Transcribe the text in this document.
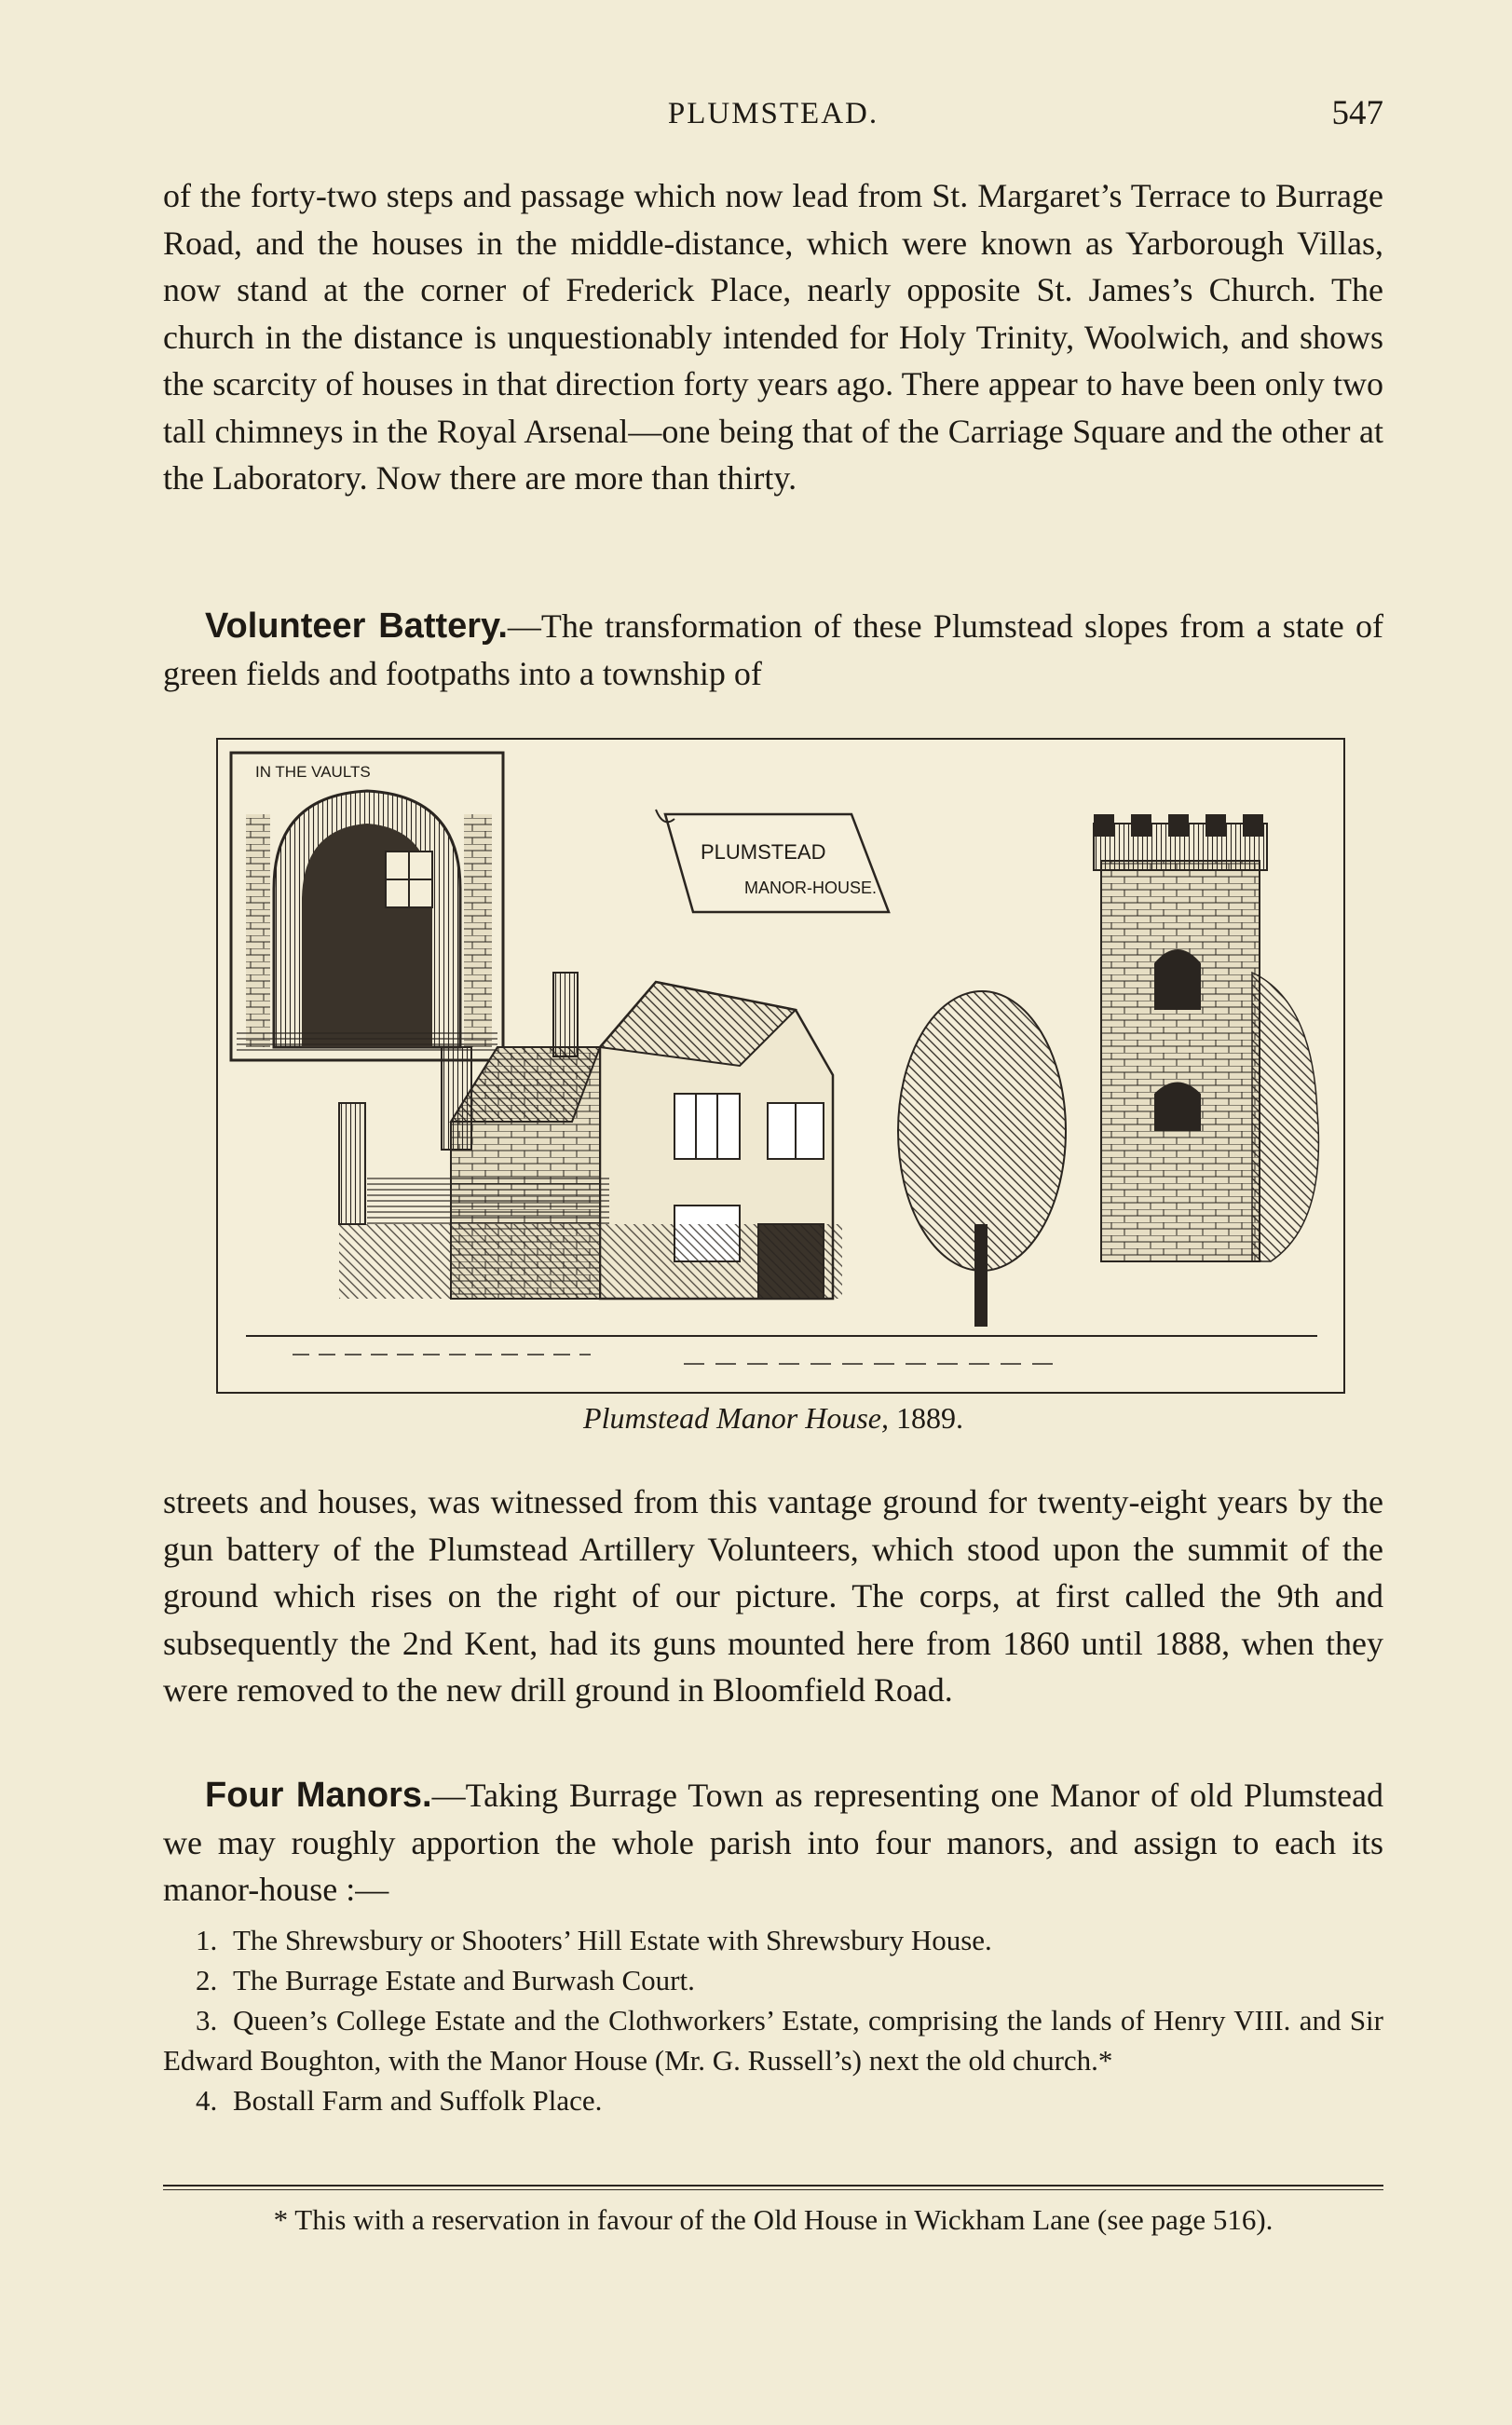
PLUMSTEAD.	547

of the forty-two steps and passage which now lead from St. Margaret’s Terrace to Burrage Road, and the houses in the middle-distance, which were known as Yarborough Villas, now stand at the corner of Frederick Place, nearly opposite St. James’s Church. The church in the distance is unquestionably intended for Holy Trinity, Woolwich, and shows the scarcity of houses in that direction forty years ago. There appear to have been only two tall chimneys in the Royal Arsenal—one being that of the Carriage Square and the other at the Laboratory. Now there are more than thirty.

Volunteer Battery.—The transformation of these Plumstead slopes from a state of green fields and footpaths into a township of

IN THE VAULTS
PLUMSTEAD
MANOR-HOUSE.
Plumstead Manor House, 1889.

streets and houses, was witnessed from this vantage ground for twenty-eight years by the gun battery of the Plumstead Artillery Volunteers, which stood upon the summit of the ground which rises on the right of our picture. The corps, at first called the 9th and subsequently the 2nd Kent, had its guns mounted here from 1860 until 1888, when they were removed to the new drill ground in Bloomfield Road.

Four Manors.—Taking Burrage Town as representing one Manor of old Plumstead we may roughly apportion the whole parish into four manors, and assign to each its manor-house :—

1. The Shrewsbury or Shooters’ Hill Estate with Shrewsbury House.

2. The Burrage Estate and Burwash Court.

3. Queen’s College Estate and the Clothworkers’ Estate, comprising the lands of Henry VIII. and Sir Edward Boughton, with the Manor House (Mr. G. Russell’s) next the old church.*

4. Bostall Farm and Suffolk Place.

* This with a reservation in favour of the Old House in Wickham Lane (see page 516).
